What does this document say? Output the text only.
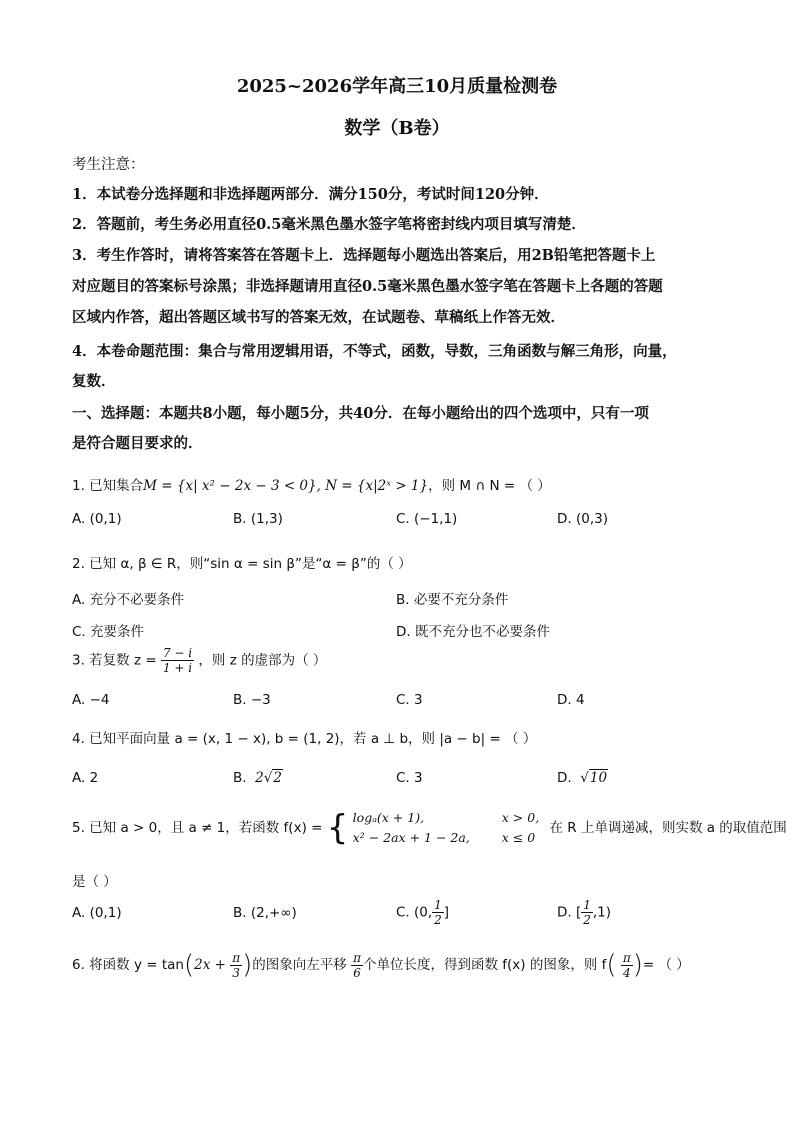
2025~2026学年高三10月质量检测卷
数学（B卷）
考生注意：
1．本试卷分选择题和非选择题两部分．满分150分，考试时间120分钟．
2．答题前，考生务必用直径0.5毫米黑色墨水签字笔将密封线内项目填写清楚．
3．考生作答时，请将答案答在答题卡上．选择题每小题选出答案后，用2B铅笔把答题卡上
对应题目的答案标号涂黑；非选择题请用直径0.5毫米黑色墨水签字笔在答题卡上各题的答题
区域内作答，超出答题区域书写的答案无效，在试题卷、草稿纸上作答无效．
4．本卷命题范围：集合与常用逻辑用语，不等式，函数，导数，三角函数与解三角形，向量，
复数．
一、选择题：本题共8小题，每小题5分，共40分．在每小题给出的四个选项中，只有一项
是符合题目要求的．
1. 已知集合M = {x| x² − 2x − 3 < 0}, N = {x|2ˣ > 1}，则 M ∩ N = （ ）
A. (0,1)	B. (1,3)	C. (−1,1)	D. (0,3)
2. 已知 α, β ∈ R，则“sin α = sin β”是“α = β”的（ ）
A. 充分不必要条件	B. 必要不充分条件
C. 充要条件	D. 既不充分也不必要条件
3. 若复数 $z = \frac{7 - i}{1 + i}$ ，则 z 的虚部为（ ）
A. −4	B. −3	C. 3	D. 4
4. 已知平面向量 a = (x, 1 − x), b = (1, 2)，若 a ⊥ b，则 |a − b| = （ ）
A. 2	B. 2√2	C. 3	D. √10
5. 已知 a > 0，且 a ≠ 1，若函数 f(x) = { logₐ(x + 1),	x > 0,
x² − 2ax + 1 − 2a,	x ≤ 0 在 R 上单调递减，则实数 a 的取值范围
是（ ）
A. (0,1)	B. (2,+∞)	C. (0, $\frac{1}{2}$ ]	D. [ $\frac{1}{2} ,1$)
6. 将函数 $y = \tan(2x + \frac{\pi}{3}$ )的图象向左平移 $\frac{\pi}{6}$ 个单位长度，得到函数 f(x) 的图象，则 $f( \frac{\pi}{4}$ )= （ ）
